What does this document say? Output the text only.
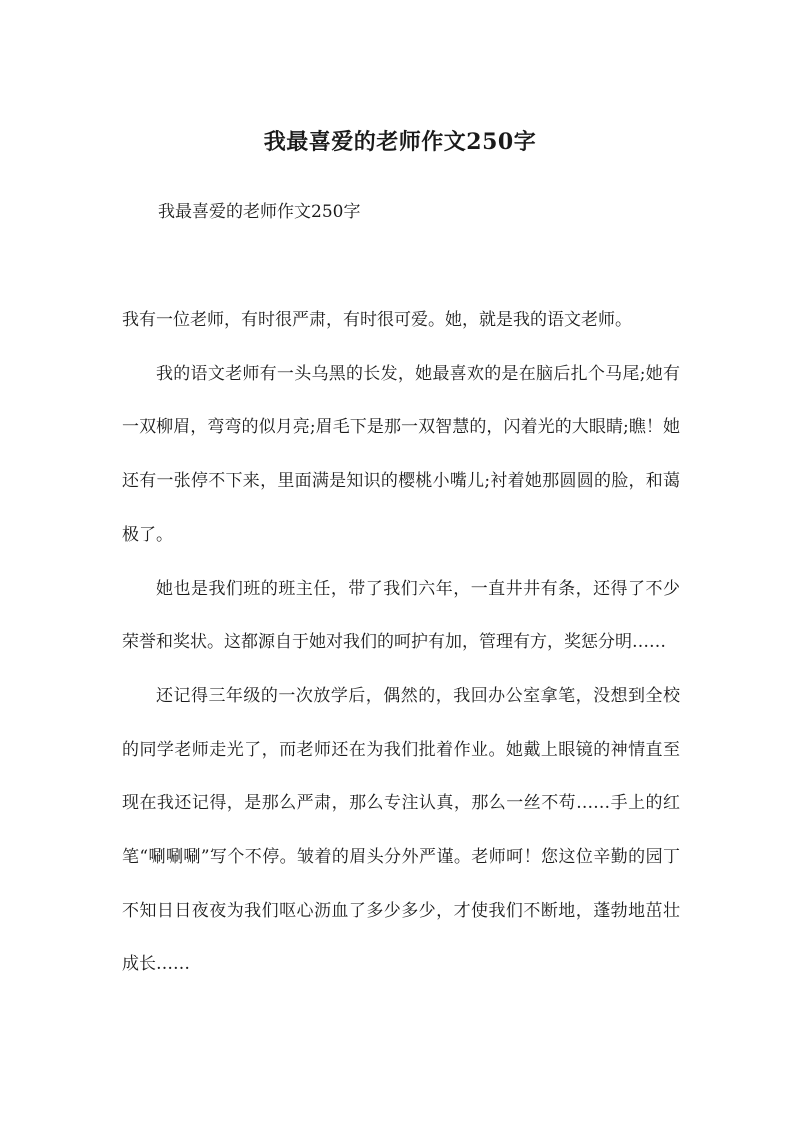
我最喜爱的老师作文250字
我最喜爱的老师作文250字

我有一位老师，有时很严肃，有时很可爱。她，就是我的语文老师。

我的语文老师有一头乌黑的长发，她最喜欢的是在脑后扎个马尾;她有一双柳眉，弯弯的似月亮;眉毛下是那一双智慧的，闪着光的大眼睛;瞧！她还有一张停不下来，里面满是知识的樱桃小嘴儿;衬着她那圆圆的脸，和蔼极了。

她也是我们班的班主任，带了我们六年，一直井井有条，还得了不少荣誉和奖状。这都源自于她对我们的呵护有加，管理有方，奖惩分明……

还记得三年级的一次放学后，偶然的，我回办公室拿笔，没想到全校的同学老师走光了，而老师还在为我们批着作业。她戴上眼镜的神情直至现在我还记得，是那么严肃，那么专注认真，那么一丝不苟……手上的红笔“唰唰唰”写个不停。皱着的眉头分外严谨。老师呵！您这位辛勤的园丁不知日日夜夜为我们呕心沥血了多少多少，才使我们不断地，蓬勃地茁壮成长……
